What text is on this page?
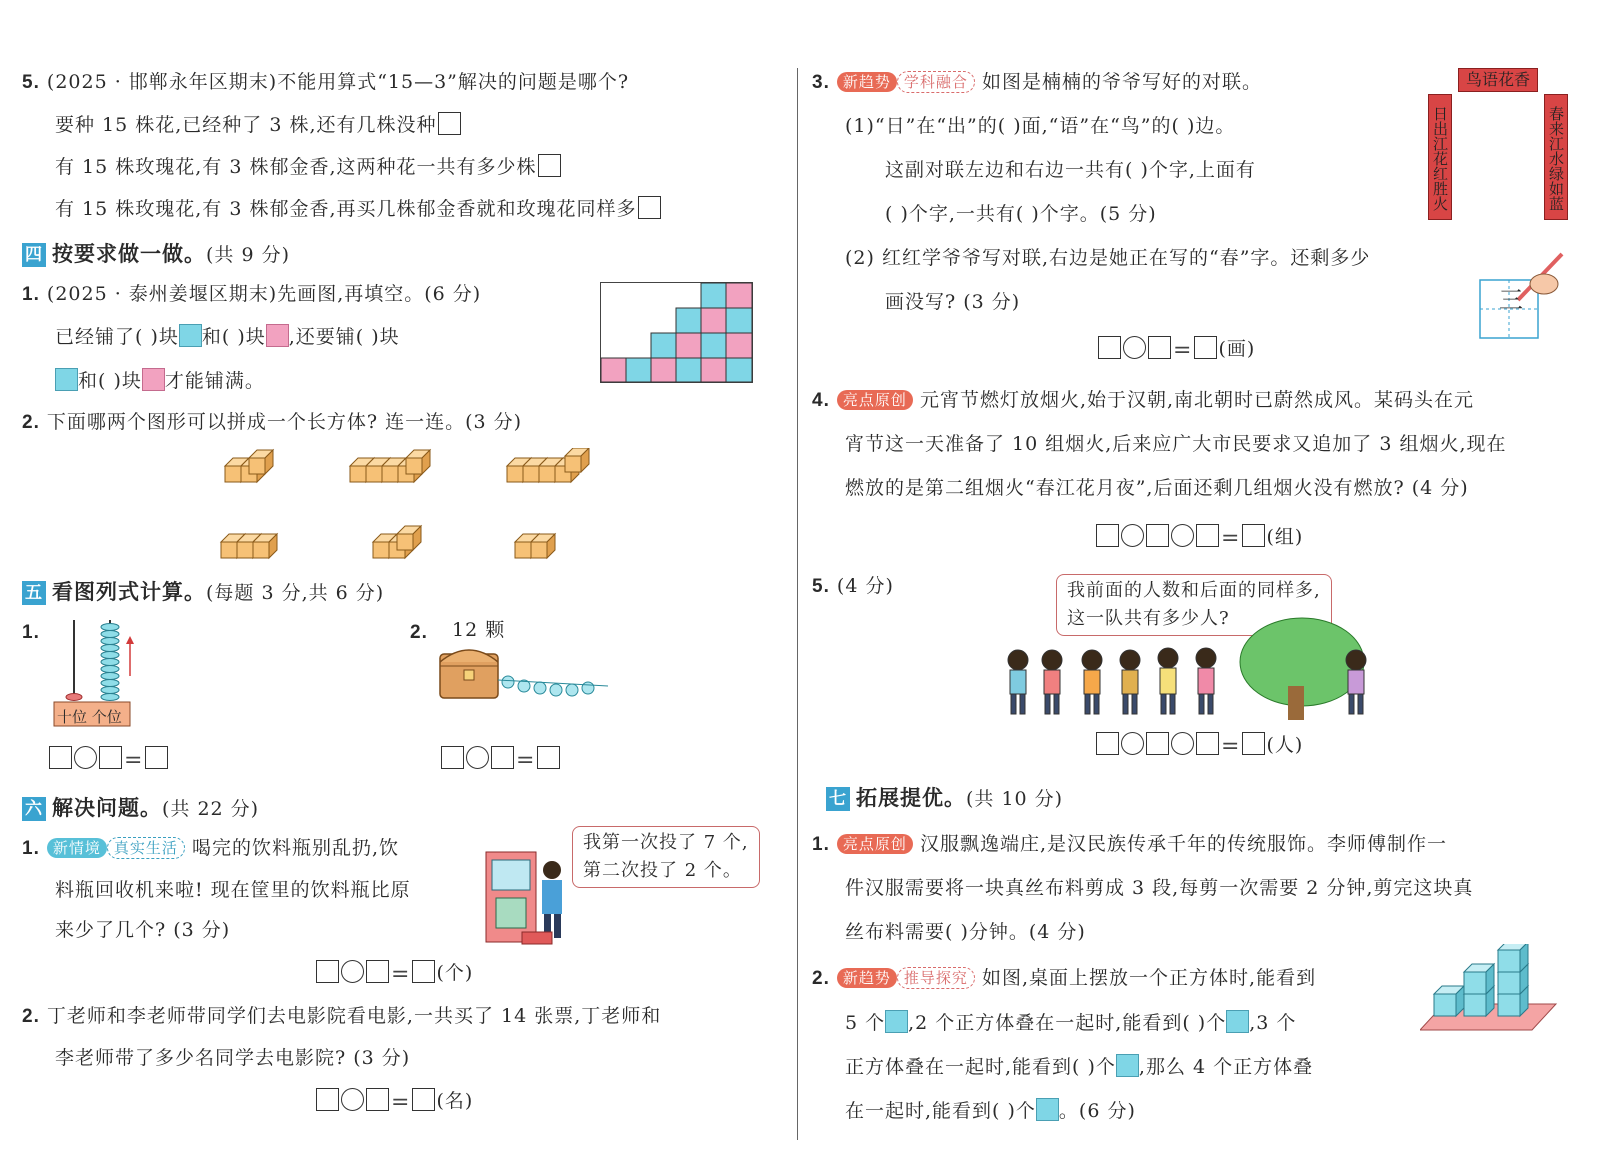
5. (2025 · 邯郸永年区期末)不能用算式“15—3”解决的问题是哪个?
要种 15 株花,已经种了 3 株,还有几株没种
有 15 株玫瑰花,有 3 株郁金香,这两种花一共有多少株
有 15 株玫瑰花,有 3 株郁金香,再买几株郁金香就和玫瑰花同样多
四 按要求做一做。(共 9 分)
1. (2025 · 泰州姜堰区期末)先画图,再填空。(6 分)
已经铺了( )块 和( )块 ,还要铺( )块
和( )块 才能铺满。
2. 下面哪两个图形可以拼成一个长方体? 连一连。(3 分)
五 看图列式计算。(每题 3 分,共 6 分)
1.
十位 个位
=
2. 12 颗
=
六 解决问题。(共 22 分)
1. 新情境 真实生活 喝完的饮料瓶别乱扔,饮
料瓶回收机来啦! 现在筐里的饮料瓶比原
来少了几个? (3 分)
我第一次投了 7 个,
第二次投了 2 个。
= (个)
2. 丁老师和李老师带同学们去电影院看电影,一共买了 14 张票,丁老师和
李老师带了多少名同学去电影院? (3 分)
= (名)
3. 新趋势 学科融合 如图是楠楠的爷爷写好的对联。
(1)“日”在“出”的( )面,“语”在“鸟”的( )边。
这副对联左边和右边一共有( )个字,上面有
( )个字,一共有( )个字。(5 分)
鸟语花香
日出江花红胜火	春来江水绿如蓝
(2) 红红学爷爷写对联,右边是她正在写的“春”字。还剩多少
画没写? (3 分)	三
= (画)
4. 亮点原创 元宵节燃灯放烟火,始于汉朝,南北朝时已蔚然成风。某码头在元
宵节这一天准备了 10 组烟火,后来应广大市民要求又追加了 3 组烟火,现在
燃放的是第二组烟火“春江花月夜”,后面还剩几组烟火没有燃放? (4 分)
= (组)
5. (4 分)	我前面的人数和后面的同样多,
这一队共有多少人?
= (人)
七 拓展提优。(共 10 分)
1. 亮点原创 汉服飘逸端庄,是汉民族传承千年的传统服饰。李师傅制作一
件汉服需要将一块真丝布料剪成 3 段,每剪一次需要 2 分钟,剪完这块真
丝布料需要( )分钟。(4 分)
2. 新趋势 推导探究 如图,桌面上摆放一个正方体时,能看到
5 个 ,2 个正方体叠在一起时,能看到( )个 ,3 个
正方体叠在一起时,能看到( )个 ,那么 4 个正方体叠
在一起时,能看到( )个 。(6 分)
